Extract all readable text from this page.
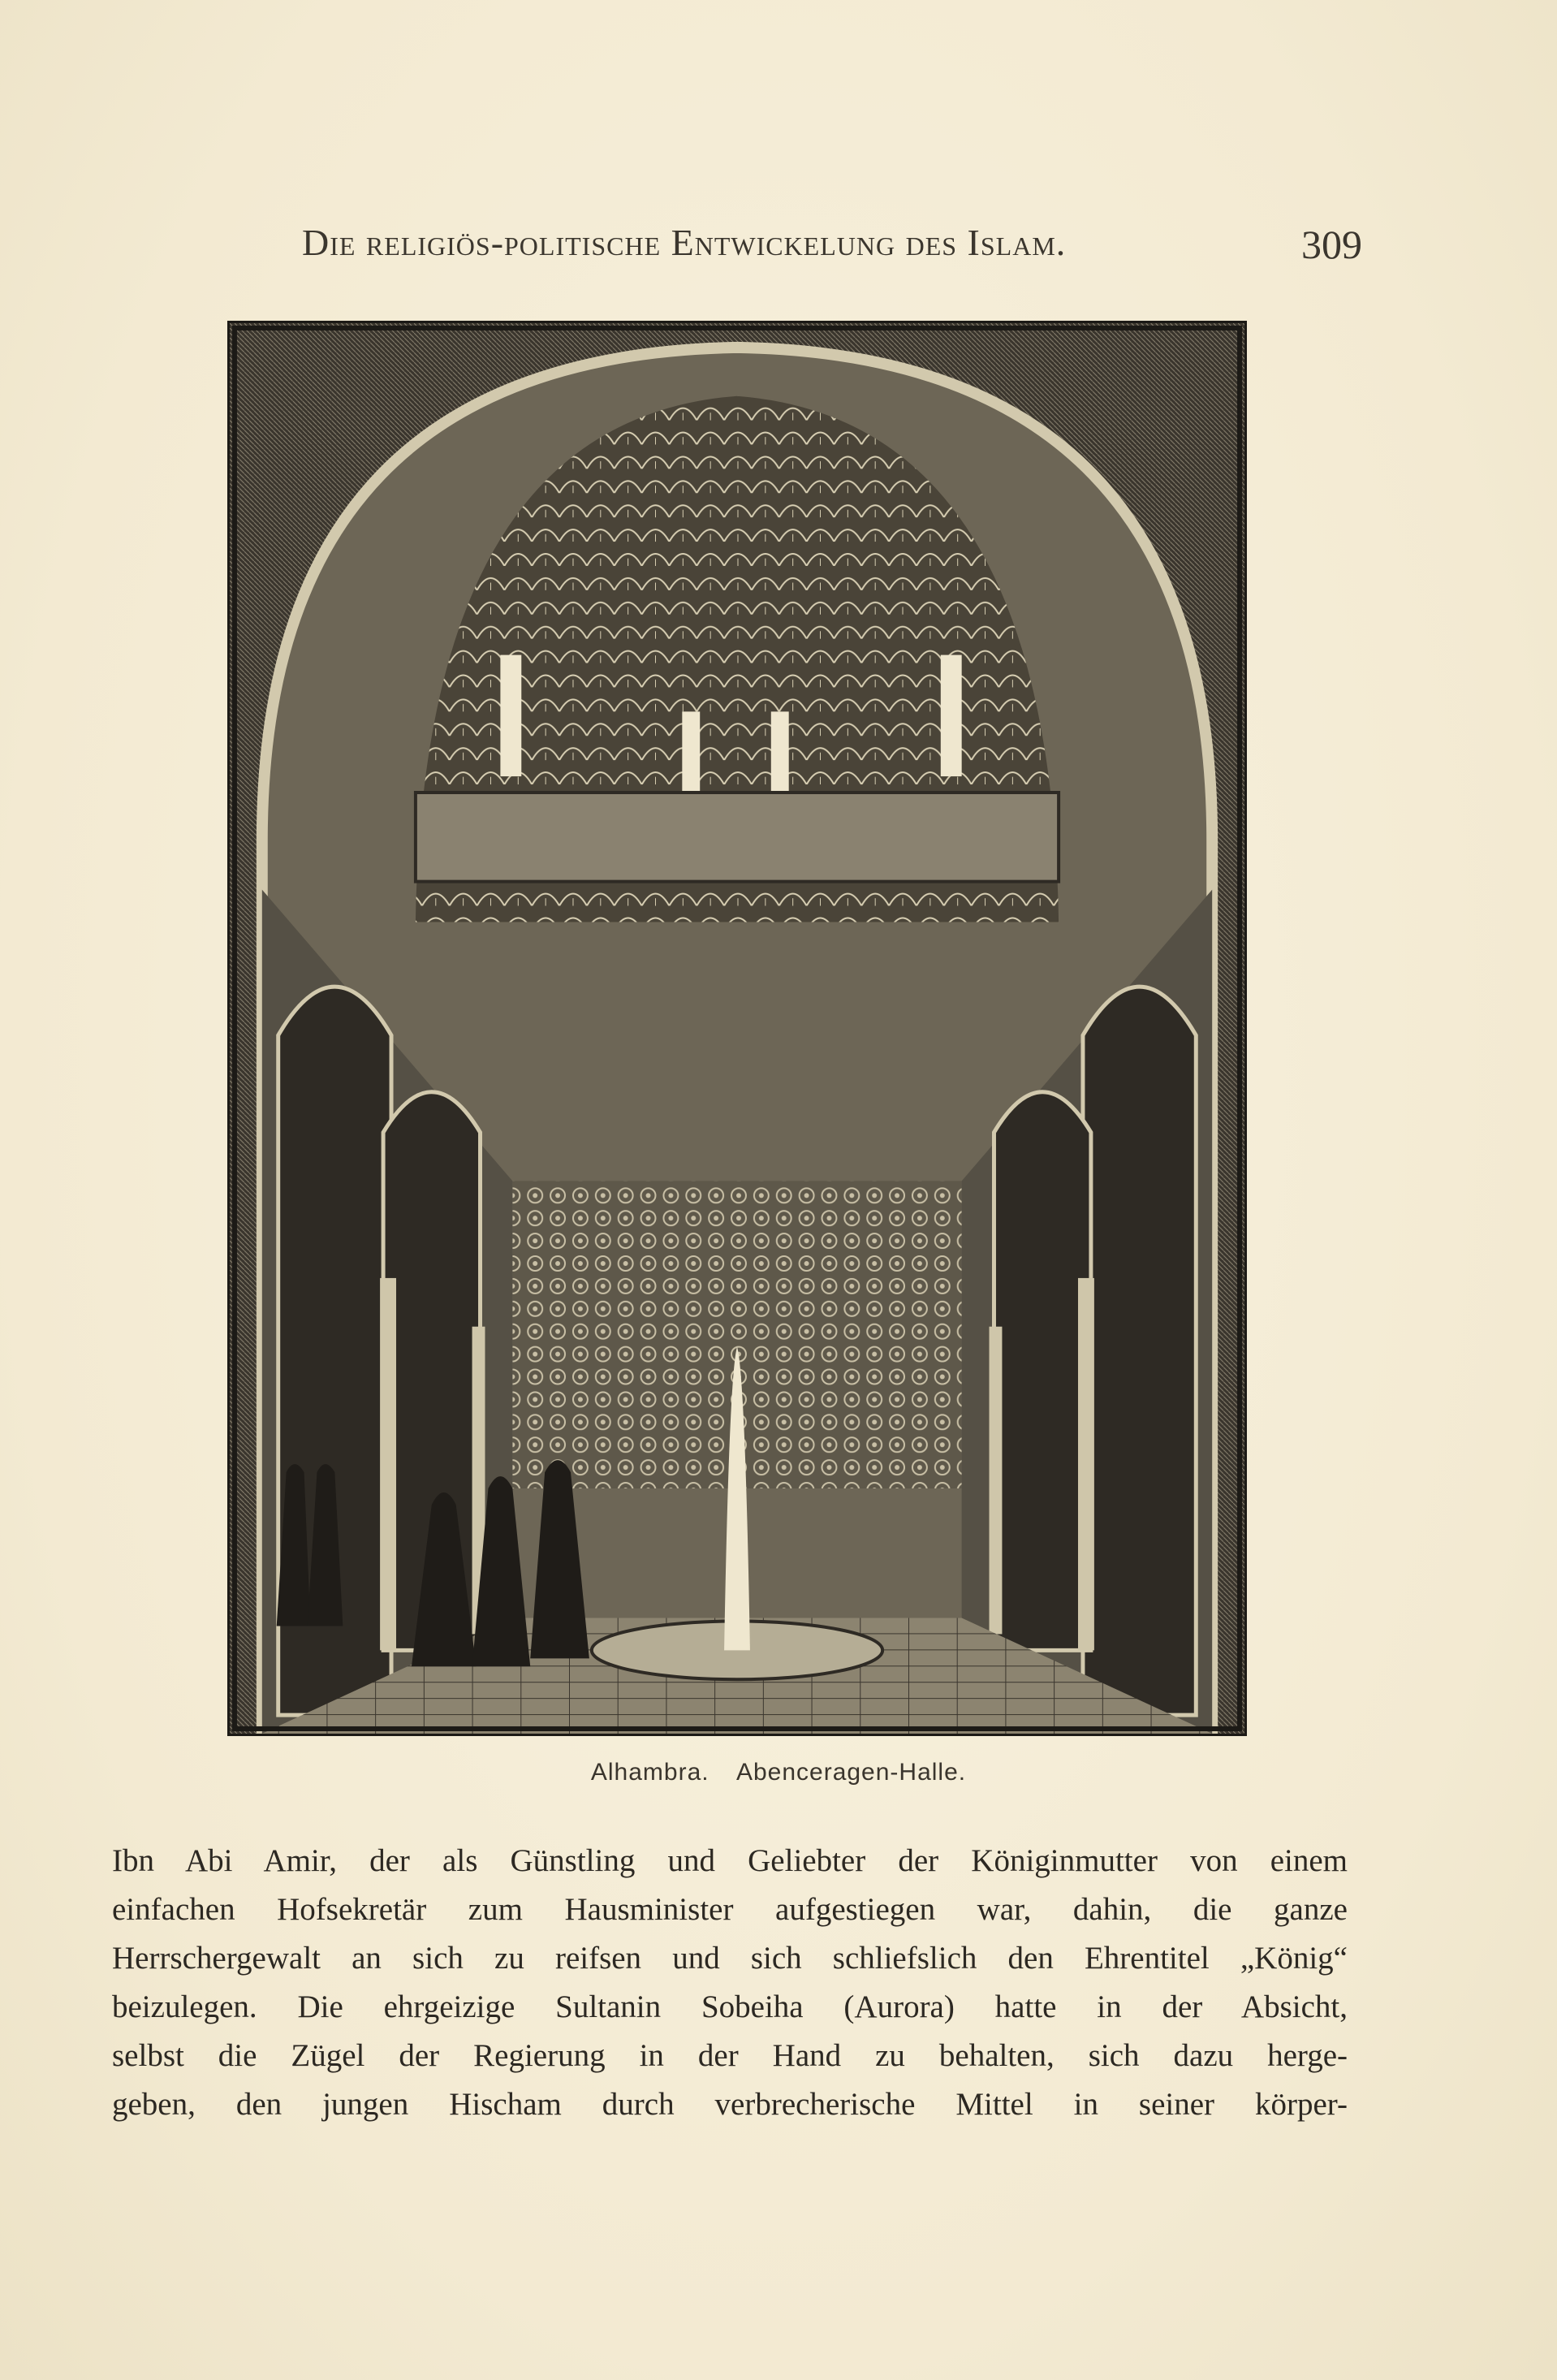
Die religiös-politische Entwickelung des Islam.	309
Alhambra. Abenceragen-Halle.
Ibn Abi Amir, der als Günstling und Geliebter der Königinmutter von einem
einfachen Hofsekretär zum Hausminister aufgestiegen war, dahin, die ganze
Herrschergewalt an sich zu reifsen und sich schliefslich den Ehrentitel „König“
beizulegen. Die ehrgeizige Sultanin Sobeiha (Aurora) hatte in der Absicht,
selbst die Zügel der Regierung in der Hand zu behalten, sich dazu herge-
geben, den jungen Hischam durch verbrecherische Mittel in seiner körper-
